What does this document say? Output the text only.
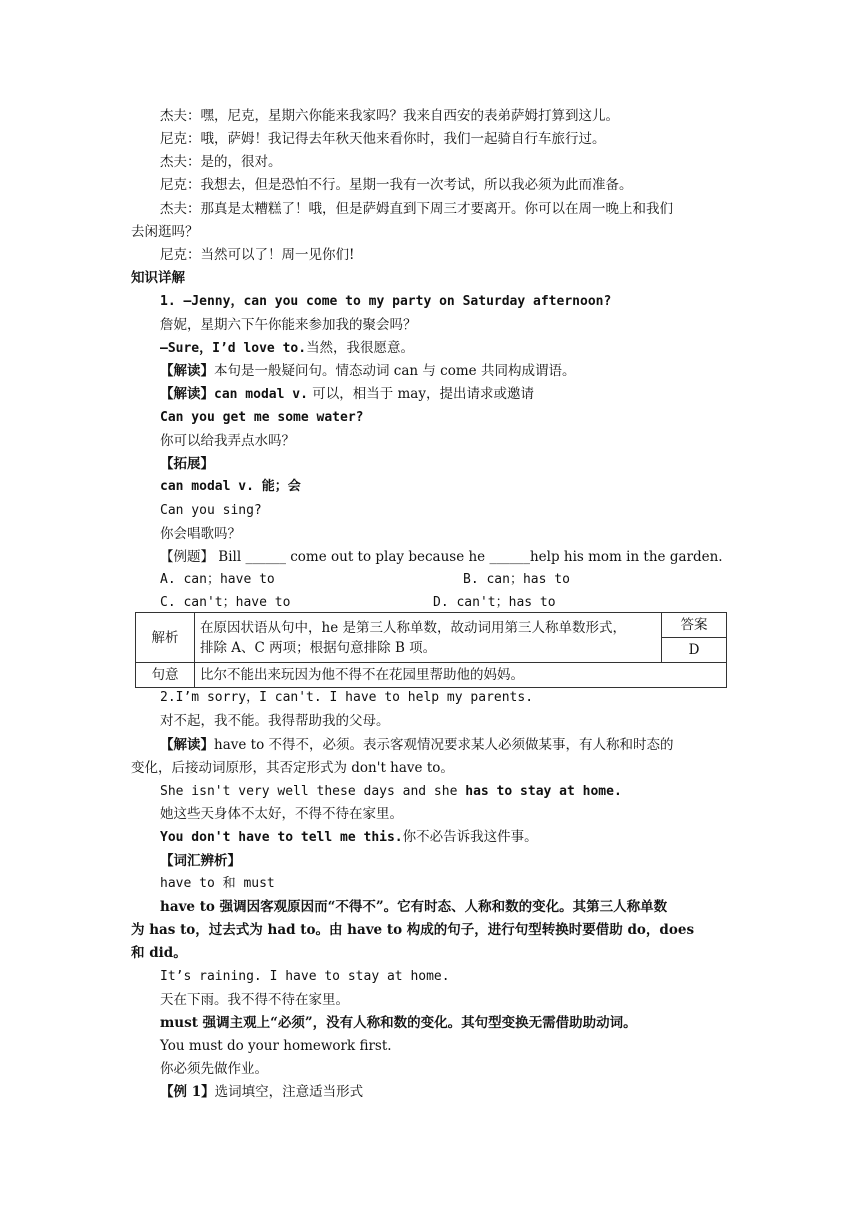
杰夫：嘿，尼克，星期六你能来我家吗？我来自西安的表弟萨姆打算到这儿。
尼克：哦，萨姆！我记得去年秋天他来看你时，我们一起骑自行车旅行过。
杰夫：是的，很对。
尼克：我想去，但是恐怕不行。星期一我有一次考试，所以我必须为此而准备。
杰夫：那真是太糟糕了！哦，但是萨姆直到下周三才要离开。你可以在周一晚上和我们
去闲逛吗？
尼克：当然可以了！周一见你们!
知识详解
1. —Jenny，can you come to my party on Saturday afternoon?
詹妮，星期六下午你能来参加我的聚会吗？
—Sure，I’d love to.当然，我很愿意。
【解读】本句是一般疑问句。情态动词 can 与 come 共同构成谓语。
【解读】can modal v. 可以，相当于 may，提出请求或邀请
Can you get me some water?
你可以给我弄点水吗？
【拓展】
can modal v. 能；会
Can you sing?
你会唱歌吗？
【例题】 Bill ______ come out to play because he ______help his mom in the garden.
A. can；have to	B. can；has to
C. can't；have to	D. can't；has to
解析	在原因状语从句中，he 是第三人称单数，故动词用第三人称单数形式，
排除 A、C 两项；根据句意排除 B 项。	答案
		D
句意	比尔不能出来玩因为他不得不在花园里帮助他的妈妈。	
2.I’m sorry，I can't. I have to help my parents.
对不起，我不能。我得帮助我的父母。
【解读】have to 不得不，必须。表示客观情况要求某人必须做某事，有人称和时态的
变化，后接动词原形，其否定形式为 don't have to。
She isn't very well these days and she has to stay at home.
她这些天身体不太好，不得不待在家里。
You don't have to tell me this.你不必告诉我这件事。
【词汇辨析】
have to 和 must
have to 强调因客观原因而“不得不”。它有时态、人称和数的变化。其第三人称单数
为 has to，过去式为 had to。由 have to 构成的句子，进行句型转换时要借助 do，does
和 did。
It’s raining. I have to stay at home.
天在下雨。我不得不待在家里。
must 强调主观上“必须”，没有人称和数的变化。其句型变换无需借助助动词。
You must do your homework first.
你必须先做作业。
【例 1】选词填空，注意适当形式
